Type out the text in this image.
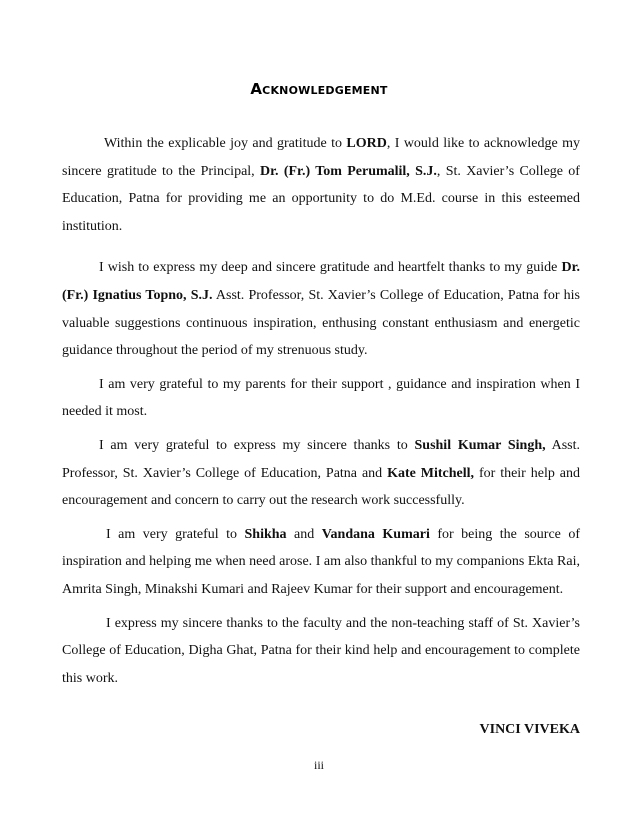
Acknowledgement

Within the explicable joy and gratitude to LORD, I would like to acknowledge my sincere gratitude to the Principal, Dr. (Fr.) Tom Perumalil, S.J., St. Xavier’s College of Education, Patna for providing me an opportunity to do M.Ed. course in this esteemed institution.

I wish to express my deep and sincere gratitude and heartfelt thanks to my guide Dr. (Fr.) Ignatius Topno, S.J. Asst. Professor, St. Xavier’s College of Education, Patna for his valuable suggestions continuous inspiration, enthusing constant enthusiasm and energetic guidance throughout the period of my strenuous study.

I am very grateful to my parents for their support , guidance and inspiration when I needed it most.

I am very grateful to express my sincere thanks to Sushil Kumar Singh, Asst. Professor, St. Xavier’s College of Education, Patna and Kate Mitchell, for their help and encouragement and concern to carry out the research work successfully.

I am very grateful to Shikha and Vandana Kumari for being the source of inspiration and helping me when need arose. I am also thankful to my companions Ekta Rai, Amrita Singh, Minakshi Kumari and Rajeev Kumar for their support and encouragement.

I express my sincere thanks to the faculty and the non-teaching staff of St. Xavier’s College of Education, Digha Ghat, Patna for their kind help and encouragement to complete this work.

VINCI VIVEKA
iii
